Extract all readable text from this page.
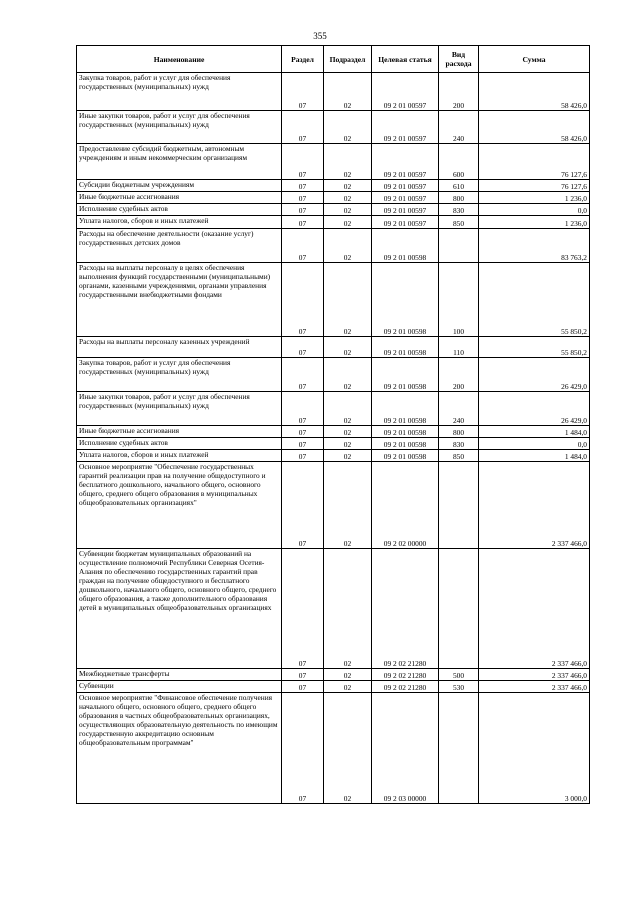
355
Наименование	Раздел	Подраздел	Целевая статья	Вид расхода	Сумма
Закупка товаров, работ и услуг для обеспечения государственных (муниципальных) нужд	07	02	09 2 01 00597	200	58 426,0
Иные закупки товаров, работ и услуг для обеспечения государственных (муниципальных) нужд	07	02	09 2 01 00597	240	58 426,0
Предоставление субсидий бюджетным, автономным учреждениям и иным некоммерческим организациям	07	02	09 2 01 00597	600	76 127,6
Субсидии бюджетным учреждениям	07	02	09 2 01 00597	610	76 127,6
Иные бюджетные ассигнования	07	02	09 2 01 00597	800	1 236,0
Исполнение судебных актов	07	02	09 2 01 00597	830	0,0
Уплата налогов, сборов и иных платежей	07	02	09 2 01 00597	850	1 236,0
Расходы на обеспечение деятельности (оказание услуг) государственных детских домов	07	02	09 2 01 00598		83 763,2
Расходы на выплаты персоналу в целях обеспечения выполнения функций государственными (муниципальными) органами, казенными учреждениями, органами управления государственными внебюджетными фондами	07	02	09 2 01 00598	100	55 850,2
Расходы на выплаты персоналу казенных учреждений	07	02	09 2 01 00598	110	55 850,2
Закупка товаров, работ и услуг для обеспечения государственных (муниципальных) нужд	07	02	09 2 01 00598	200	26 429,0
Иные закупки товаров, работ и услуг для обеспечения государственных (муниципальных) нужд	07	02	09 2 01 00598	240	26 429,0
Иные бюджетные ассигнования	07	02	09 2 01 00598	800	1 484,0
Исполнение судебных актов	07	02	09 2 01 00598	830	0,0
Уплата налогов, сборов и иных платежей	07	02	09 2 01 00598	850	1 484,0
Основное мероприятие "Обеспечение государственных гарантий реализации прав на получение общедоступного и бесплатного дошкольного, начального общего, основного общего, среднего общего образования в муниципальных общеобразовательных организациях"	07	02	09 2 02 00000		2 337 466,0
Субвенции бюджетам муниципальных образований на осуществление полномочий Республики Северная Осетия-Алания по обеспечению государственных гарантий прав граждан на получение общедоступного и бесплатного дошкольного, начального общего, основного общего, среднего общего образования, а также дополнительного образования детей в муниципальных общеобразовательных организациях	07	02	09 2 02 21280		2 337 466,0
Межбюджетные трансферты	07	02	09 2 02 21280	500	2 337 466,0
Субвенции	07	02	09 2 02 21280	530	2 337 466,0
Основное мероприятие "Финансовое обеспечение получения начального общего, основного общего, среднего общего образования в частных общеобразовательных организациях, осуществляющих образовательную деятельность по имеющим государственную аккредитацию основным общеобразовательным программам"	07	02	09 2 03 00000		3 000,0
